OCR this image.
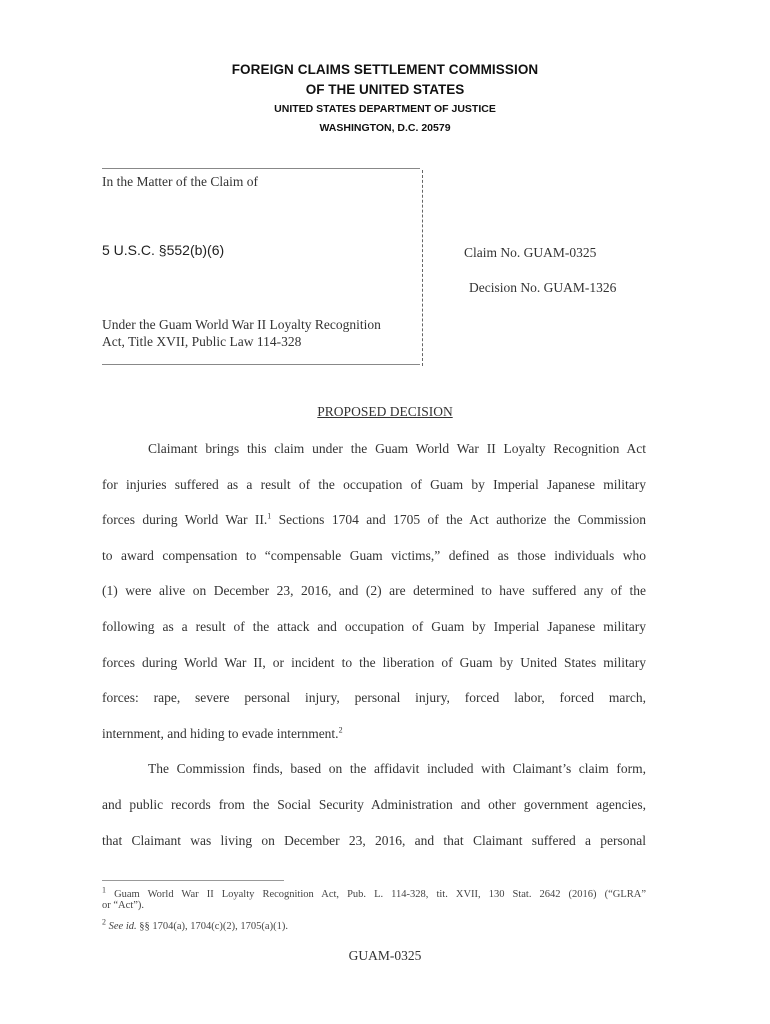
FOREIGN CLAIMS SETTLEMENT COMMISSION
OF THE UNITED STATES
UNITED STATES DEPARTMENT OF JUSTICE
WASHINGTON, D.C. 20579
In the Matter of the Claim of
5 U.S.C. §552(b)(6)
Under the Guam World War II Loyalty Recognition
Act, Title XVII, Public Law 114-328
Claim No. GUAM-0325
Decision No. GUAM-1326
PROPOSED DECISION
Claimant brings this claim under the Guam World War II Loyalty Recognition Act
for injuries suffered as a result of the occupation of Guam by Imperial Japanese military
forces during World War II.$^1$ Sections 1704 and 1705 of the Act authorize the Commission
to award compensation to “compensable Guam victims,” defined as those individuals who
(1) were alive on December 23, 2016, and (2) are determined to have suffered any of the
following as a result of the attack and occupation of Guam by Imperial Japanese military
forces during World War II, or incident to the liberation of Guam by United States military
forces: rape, severe personal injury, personal injury, forced labor, forced march,
internment, and hiding to evade internment.$^2$
The Commission finds, based on the affidavit included with Claimant’s claim form,
and public records from the Social Security Administration and other government agencies,
that Claimant was living on December 23, 2016, and that Claimant suffered a personal
$^1$ Guam World War II Loyalty Recognition Act, Pub. L. 114-328, tit. XVII, 130 Stat. 2642 (2016) (“GLRA”
or “Act”).
$^2$ See id. §§ 1704(a), 1704(c)(2), 1705(a)(1).
GUAM-0325
